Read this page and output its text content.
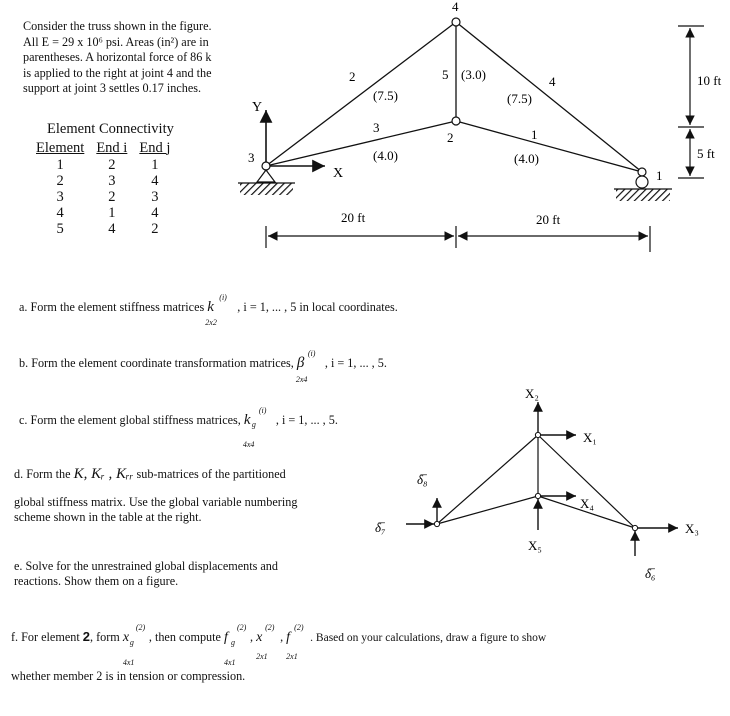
Consider the truss shown in the figure.
All E = 29 x 10⁶ psi. Areas (in²) are in
parentheses. A horizontal force of 86 k
is applied to the right at joint 4 and the
support at joint 3 settles 0.17 inches.
Element Connectivity
Element	End i	End j
1	2	1
2	3	4
3	2	3
4	1	4
5	4	2
Y
X
4
2
3
1
2
(7.5)
5 (3.0)	4
(7.5)
3
(4.0)
1
(4.0)
20 ft	20 ft
10 ft
5 ft
X₂
X₁
X₄
X₅
X₃
δ̅₆
δ̅₇
δ̅₈
a. Form the element stiffness matrices k
(i)
2x2
, i = 1, ... , 5 in local coordinates.
b. Form the element coordinate transformation matrices, β
(i)
2x4
, i = 1, ... , 5.
c. Form the element global stiffness matrices, k g
(i)
4x4
, i = 1, ... , 5.
d. Form the K, Kᵣ , Kᵣᵣ sub-matrices of the partitioned
global stiffness matrix. Use the global variable numbering
scheme shown in the table at the right.
e. Solve for the unrestrained global displacements and
reactions. Show them on a figure.
f. For element 2, form x g
(2)
4x1
, then compute f g
(2)
4x1
, x
(2)
2x1
, f
(2)
2x1
. Based on your calculations, draw a figure to show
whether member 2 is in tension or compression.
